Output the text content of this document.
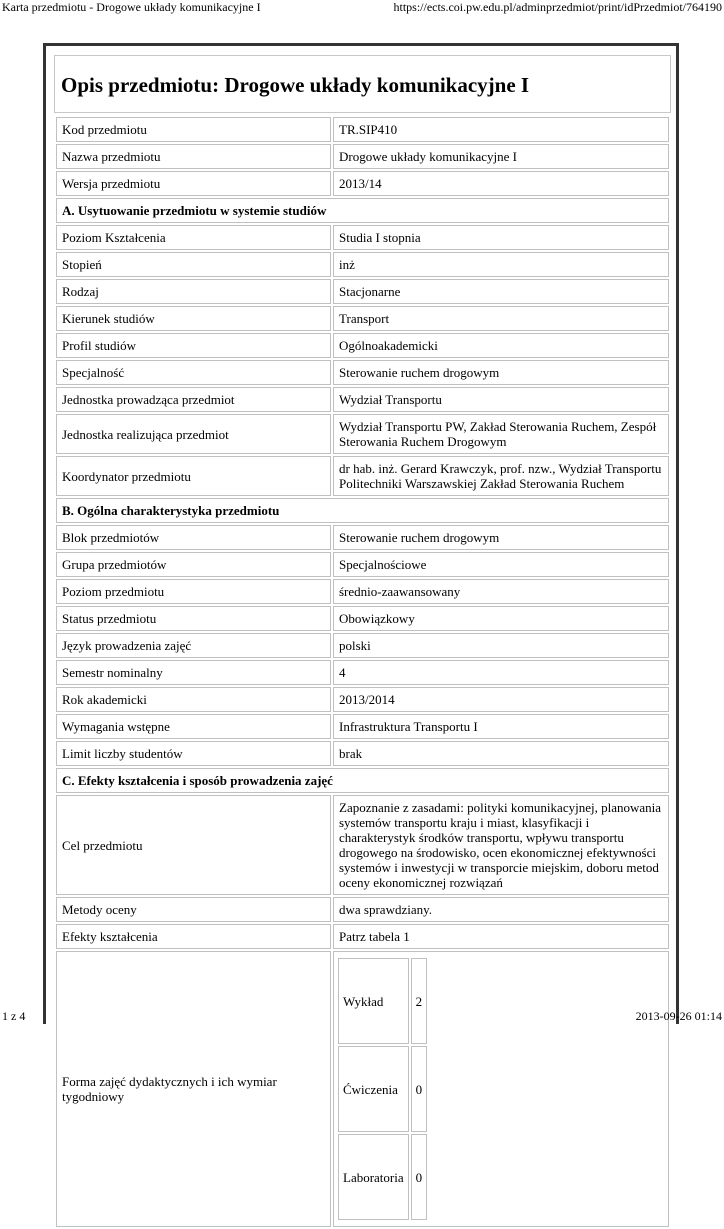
Karta przedmiotu - Drogowe układy komunikacyjne I	https://ects.coi.pw.edu.pl/adminprzedmiot/print/idPrzedmiot/764190
Opis przedmiotu: Drogowe układy komunikacyjne I
Kod przedmiotu	TR.SIP410
Nazwa przedmiotu	Drogowe układy komunikacyjne I
Wersja przedmiotu	2013/14
A. Usytuowanie przedmiotu w systemie studiów
Poziom Kształcenia	Studia I stopnia
Stopień	inż
Rodzaj	Stacjonarne
Kierunek studiów	Transport
Profil studiów	Ogólnoakademicki
Specjalność	Sterowanie ruchem drogowym
Jednostka prowadząca przedmiot	Wydział Transportu
Jednostka realizująca przedmiot	Wydział Transportu PW, Zakład Sterowania Ruchem, Zespół Sterowania Ruchem Drogowym
Koordynator przedmiotu	dr hab. inż. Gerard Krawczyk, prof. nzw., Wydział Transportu Politechniki Warszawskiej Zakład Sterowania Ruchem
B. Ogólna charakterystyka przedmiotu
Blok przedmiotów	Sterowanie ruchem drogowym
Grupa przedmiotów	Specjalnościowe
Poziom przedmiotu	średnio-zaawansowany
Status przedmiotu	Obowiązkowy
Język prowadzenia zajęć	polski
Semestr nominalny	4
Rok akademicki	2013/2014
Wymagania wstępne	Infrastruktura Transportu I
Limit liczby studentów	brak
C. Efekty kształcenia i sposób prowadzenia zajęć
Cel przedmiotu	Zapoznanie z zasadami: polityki komunikacyjnej, planowania systemów transportu kraju i miast, klasyfikacji i charakterystyk środków transportu, wpływu transportu drogowego na środowisko, ocen ekonomicznej efektywności systemów i inwestycji w transporcie miejskim, doboru metod oceny ekonomicznej rozwiązań
Metody oceny	dwa sprawdziany.
Efekty kształcenia	Patrz tabela 1
Forma zajęć dydaktycznych i ich wymiar tygodniowy	
Wykład	2
Ćwiczenia	0
Laboratoria	0
1 z 4	2013-09-26 01:14
